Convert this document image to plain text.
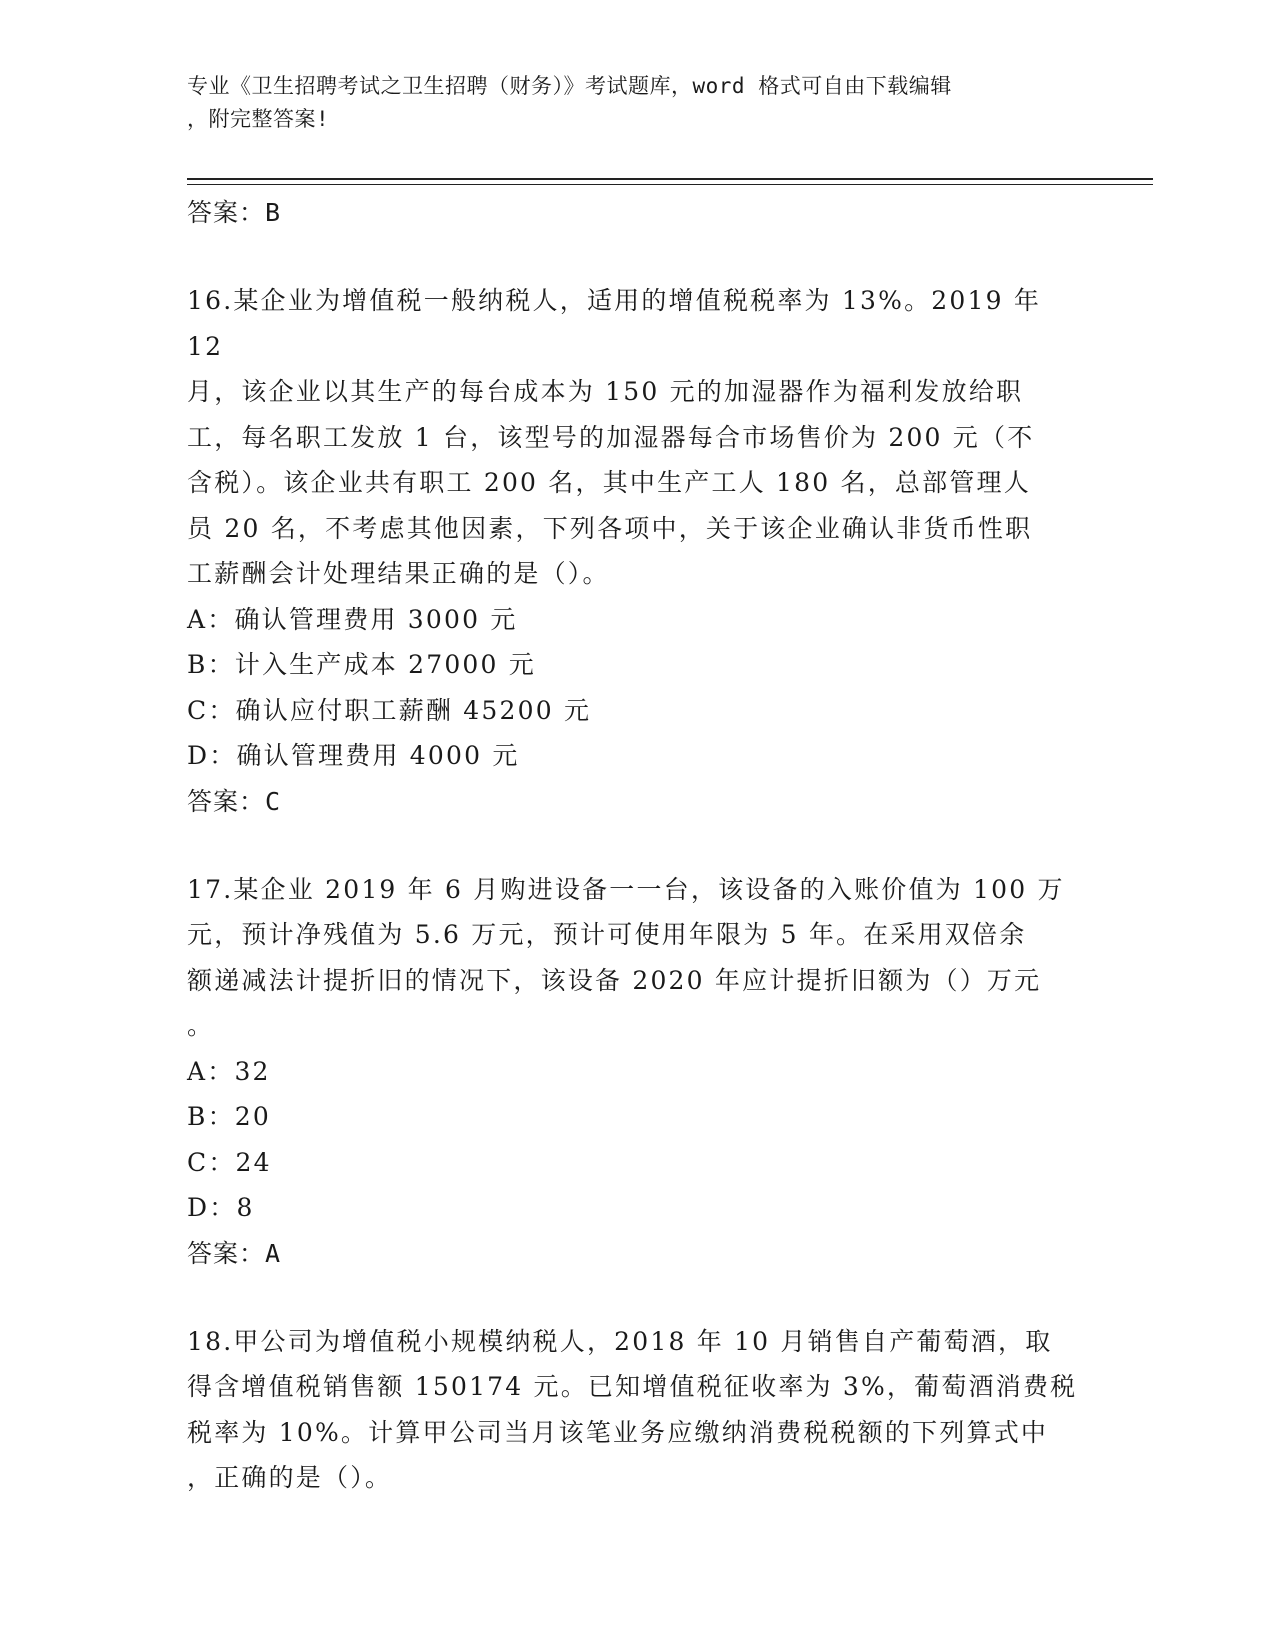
专业《卫生招聘考试之卫生招聘（财务）》考试题库，word 格式可自由下载编辑
，附完整答案!
答案：B
16.某企业为增值税一般纳税人，适用的增值税税率为 13%。2019 年 12
月，该企业以其生产的每台成本为 150 元的加湿器作为福利发放给职
工，每名职工发放 1 台，该型号的加湿器每合市场售价为 200 元（不
含税）。该企业共有职工 200 名，其中生产工人 180 名，总部管理人
员 20 名，不考虑其他因素，下列各项中，关于该企业确认非货币性职
工薪酬会计处理结果正确的是（）。
A：确认管理费用 3000 元
B：计入生产成本 27000 元
C：确认应付职工薪酬 45200 元
D：确认管理费用 4000 元
答案：C
17.某企业 2019 年 6 月购进设备一一台，该设备的入账价值为 100 万
元，预计净残值为 5.6 万元，预计可使用年限为 5 年。在采用双倍余
额递减法计提折旧的情况下，该设备 2020 年应计提折旧额为（）万元
。
A：32
B：20
C：24
D：8
答案：A
18.甲公司为增值税小规模纳税人，2018 年 10 月销售自产葡萄酒，取
得含增值税销售额 150174 元。已知增值税征收率为 3%，葡萄酒消费税
税率为 10%。计算甲公司当月该笔业务应缴纳消费税税额的下列算式中
，正确的是（）。
